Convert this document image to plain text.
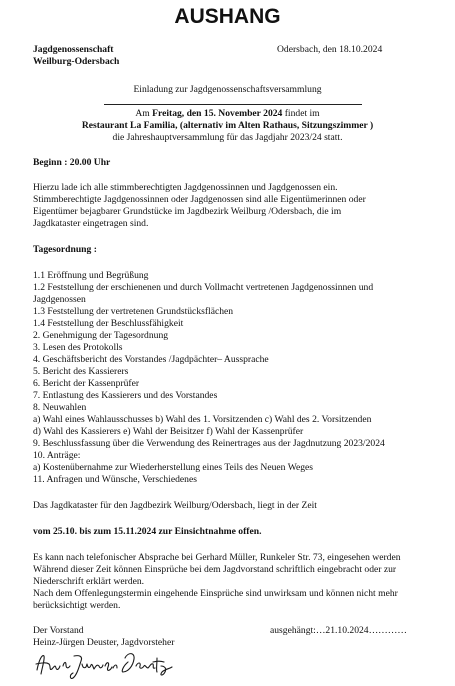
AUSHANG
Jagdgenossenschaft
Weilburg-Odersbach
Odersbach, den 18.10.2024
Einladung zur Jagdgenossenschaftsversammlung
Am Freitag, den 15. November 2024 findet im
Restaurant La Familia, (alternativ im Alten Rathaus, Sitzungszimmer )
die Jahreshauptversammlung für das Jagdjahr 2023/24 statt.
Beginn : 20.00 Uhr
Hierzu lade ich alle stimmberechtigten Jagdgenossinnen und Jagdgenossen ein.
Stimmberechtigte Jagdgenossinnen oder Jagdgenossen sind alle Eigentümerinnen oder
Eigentümer bejagbarer Grundstücke im Jagdbezirk Weilburg /Odersbach, die im
Jagdkataster eingetragen sind.
Tagesordnung :
1.1 Eröffnung und Begrüßung
1.2 Feststellung der erschienenen und durch Vollmacht vertretenen Jagdgenossinnen und
Jagdgenossen
1.3 Feststellung der vertretenen Grundstücksflächen
1.4 Feststellung der Beschlussfähigkeit
2. Genehmigung der Tagesordnung
3. Lesen des Protokolls
4. Geschäftsbericht des Vorstandes /Jagdpächter– Aussprache
5. Bericht des Kassierers
6. Bericht der Kassenprüfer
7. Entlastung des Kassierers und des Vorstandes
8. Neuwahlen
a) Wahl eines Wahlausschusses b) Wahl des 1. Vorsitzenden c) Wahl des 2. Vorsitzenden
d) Wahl des Kassierers e) Wahl der Beisitzer f) Wahl der Kassenprüfer
9. Beschlussfassung über die Verwendung des Reinertrages aus der Jagdnutzung 2023/2024
10. Anträge:
a) Kostenübernahme zur Wiederherstellung eines Teils des Neuen Weges
11. Anfragen und Wünsche, Verschiedenes
Das Jagdkataster für den Jagdbezirk Weilburg/Odersbach, liegt in der Zeit
vom 25.10. bis zum 15.11.2024 zur Einsichtnahme offen.
Es kann nach telefonischer Absprache bei Gerhard Müller, Runkeler Str. 73, eingesehen werden
Während dieser Zeit können Einsprüche bei dem Jagdvorstand schriftlich eingebracht oder zur
Niederschrift erklärt werden.
Nach dem Offenlegungstermin eingehende Einsprüche sind unwirksam und können nicht mehr
berücksichtigt werden.
Der Vorstand	ausgehängt:…21.10.2024…………
Heinz-Jürgen Deuster, Jagdvorsteher
